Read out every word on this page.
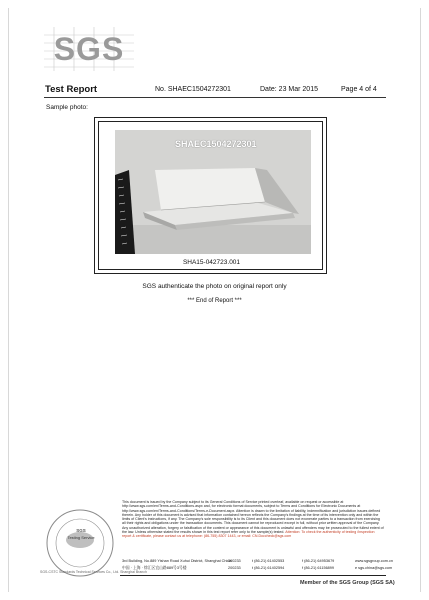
SGS
Test Report	No. SHAEC1504272301	Date: 23 Mar 2015	Page 4 of 4
Sample photo:
SHAEC1504272301
SHA15-042723.001
SGS authenticate the photo on original report only
*** End of Report ***
SGS
Testing Service
SGS-CSTC Standards Technical Services Co., Ltd. Shanghai Branch
This document is issued by the Company subject to its General Conditions of Service printed overleaf, available on request or accessible at http://www.sgs.com/en/Terms-and-Conditions.aspx and, for electronic format documents, subject to Terms and Conditions for Electronic Documents at http://www.sgs.com/en/Terms-and-Conditions/Terms-e-Document.aspx. Attention is drawn to the limitation of liability, indemnification and jurisdiction issues defined therein. Any holder of this document is advised that information contained hereon reflects the Company's findings at the time of its intervention only and within the limits of Client's instructions, if any. The Company's sole responsibility is to its Client and this document does not exonerate parties to a transaction from exercising all their rights and obligations under the transaction documents. This document cannot be reproduced except in full, without prior written approval of the Company. Any unauthorized alteration, forgery or falsification of the content or appearance of this document is unlawful and offenders may be prosecuted to the fullest extent of the law. Unless otherwise stated the results shown in this test report refer only to the sample(s) tested. Attention: To check the authenticity of testing /inspection report & certificate, please contact us at telephone: (86-755) 8307 1443, or email: CN.Doccheck@sgs.com
3rd Building, No.889 Yishan Road Xuhui District, Shanghai China
中国 · 上海 · 徐汇区宜山路889号3号楼
200233
200233
t (86-21) 61402553
t (86-21) 61402594
f (86-21) 64953679
f (86-21) 61156899
www.sgsgroup.com.cn
e sgs.china@sgs.com
Member of the SGS Group (SGS SA)
